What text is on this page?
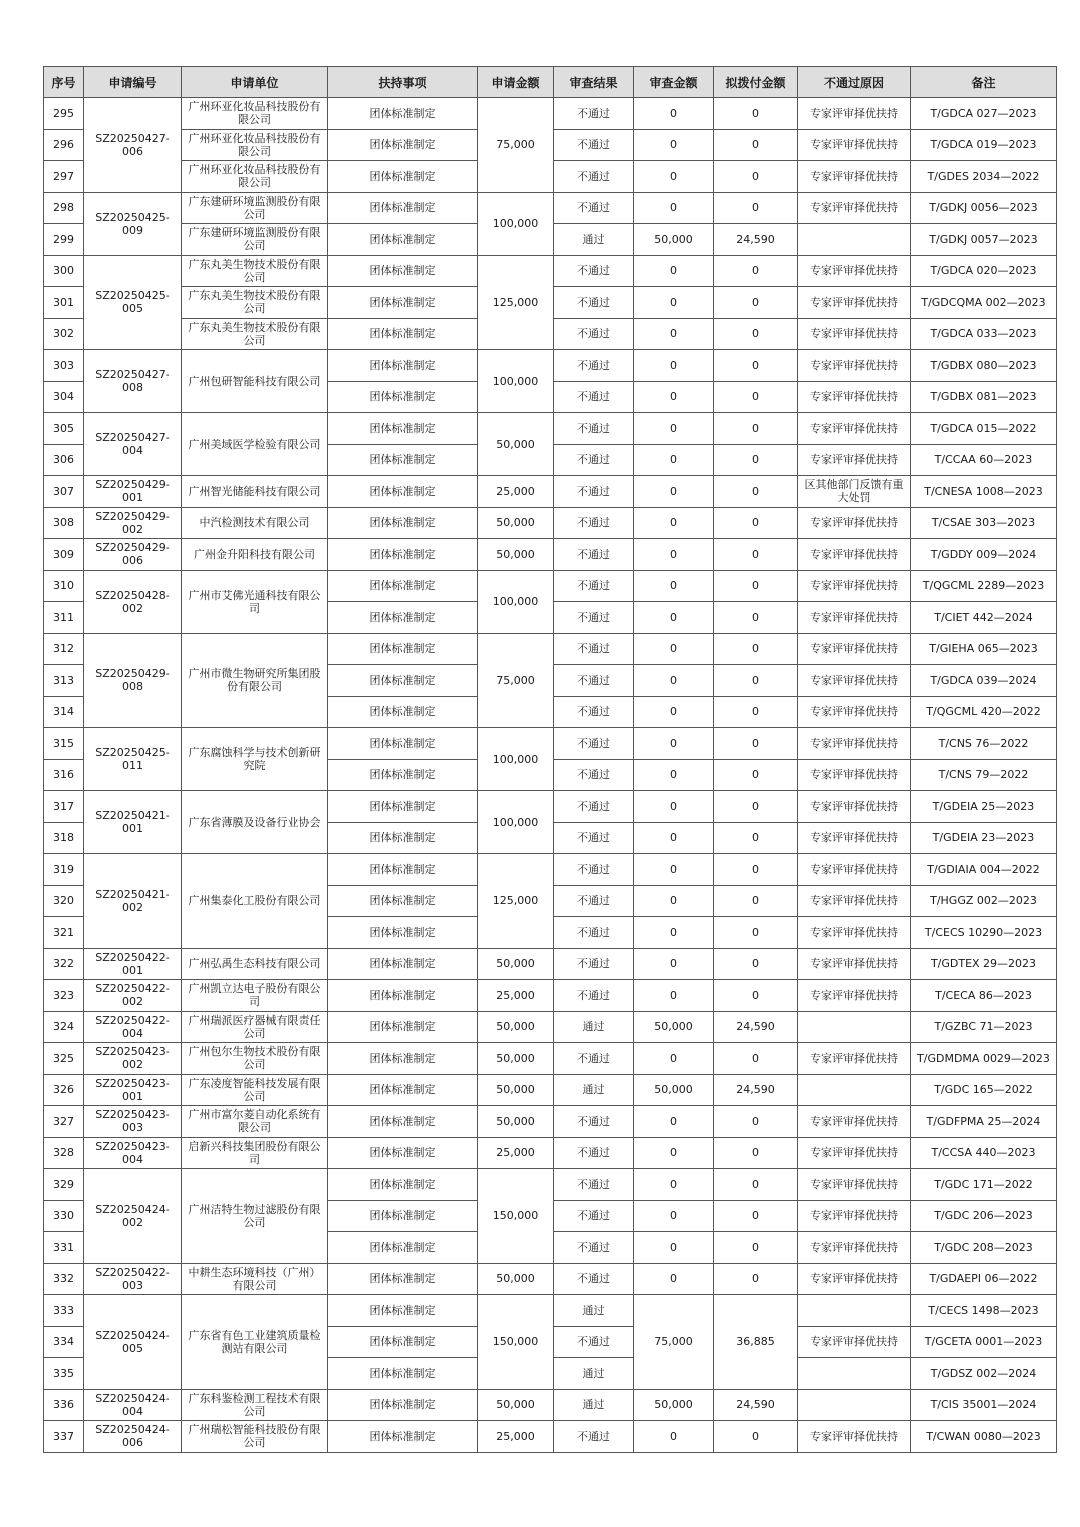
序号	申请编号	申请单位	扶持事项	申请金额	审查结果	审查金额	拟拨付金额	不通过原因	备注
295	SZ20250427-006	广州环亚化妆品科技股份有限公司	团体标准制定	75,000	不通过	0	0	专家评审择优扶持	T/GDCA 027—2023
296		广州环亚化妆品科技股份有限公司	团体标准制定		不通过	0	0	专家评审择优扶持	T/GDCA 019—2023
297		广州环亚化妆品科技股份有限公司	团体标准制定		不通过	0	0	专家评审择优扶持	T/GDES 2034—2022
298	SZ20250425-009	广东建研环境监测股份有限公司	团体标准制定	100,000	不通过	0	0	专家评审择优扶持	T/GDKJ 0056—2023
299		广东建研环境监测股份有限公司	团体标准制定		通过	50,000	24,590		T/GDKJ 0057—2023
300	SZ20250425-005	广东丸美生物技术股份有限公司	团体标准制定	125,000	不通过	0	0	专家评审择优扶持	T/GDCA 020—2023
301		广东丸美生物技术股份有限公司	团体标准制定		不通过	0	0	专家评审择优扶持	T/GDCQMA 002—2023
302		广东丸美生物技术股份有限公司	团体标准制定		不通过	0	0	专家评审择优扶持	T/GDCA 033—2023
303	SZ20250427-008	广州包研智能科技有限公司	团体标准制定	100,000	不通过	0	0	专家评审择优扶持	T/GDBX 080—2023
304			团体标准制定		不通过	0	0	专家评审择优扶持	T/GDBX 081—2023
305	SZ20250427-004	广州美域医学检验有限公司	团体标准制定	50,000	不通过	0	0	专家评审择优扶持	T/GDCA 015—2022
306			团体标准制定		不通过	0	0	专家评审择优扶持	T/CCAA 60—2023
307	SZ20250429-001	广州智光储能科技有限公司	团体标准制定	25,000	不通过	0	0	区其他部门反馈有重大处罚	T/CNESA 1008—2023
308	SZ20250429-002	中汽检测技术有限公司	团体标准制定	50,000	不通过	0	0	专家评审择优扶持	T/CSAE 303—2023
309	SZ20250429-006	广州金升阳科技有限公司	团体标准制定	50,000	不通过	0	0	专家评审择优扶持	T/GDDY 009—2024
310	SZ20250428-002	广州市艾佛光通科技有限公司	团体标准制定	100,000	不通过	0	0	专家评审择优扶持	T/QGCML 2289—2023
311			团体标准制定		不通过	0	0	专家评审择优扶持	T/CIET 442—2024
312	SZ20250429-008	广州市微生物研究所集团股份有限公司	团体标准制定	75,000	不通过	0	0	专家评审择优扶持	T/GIEHA 065—2023
313			团体标准制定		不通过	0	0	专家评审择优扶持	T/GDCA 039—2024
314			团体标准制定		不通过	0	0	专家评审择优扶持	T/QGCML 420—2022
315	SZ20250425-011	广东腐蚀科学与技术创新研究院	团体标准制定	100,000	不通过	0	0	专家评审择优扶持	T/CNS 76—2022
316			团体标准制定		不通过	0	0	专家评审择优扶持	T/CNS 79—2022
317	SZ20250421-001	广东省薄膜及设备行业协会	团体标准制定	100,000	不通过	0	0	专家评审择优扶持	T/GDEIA 25—2023
318			团体标准制定		不通过	0	0	专家评审择优扶持	T/GDEIA 23—2023
319	SZ20250421-002	广州集泰化工股份有限公司	团体标准制定	125,000	不通过	0	0	专家评审择优扶持	T/GDIAIA 004—2022
320			团体标准制定		不通过	0	0	专家评审择优扶持	T/HGGZ 002—2023
321			团体标准制定		不通过	0	0	专家评审择优扶持	T/CECS 10290—2023
322	SZ20250422-001	广州弘禹生态科技有限公司	团体标准制定	50,000	不通过	0	0	专家评审择优扶持	T/GDTEX 29—2023
323	SZ20250422-002	广州凯立达电子股份有限公司	团体标准制定	25,000	不通过	0	0	专家评审择优扶持	T/CECA 86—2023
324	SZ20250422-004	广州瑞派医疗器械有限责任公司	团体标准制定	50,000	通过	50,000	24,590		T/GZBC 71—2023
325	SZ20250423-002	广州包尔生物技术股份有限公司	团体标准制定	50,000	不通过	0	0	专家评审择优扶持	T/GDMDMA 0029—2023
326	SZ20250423-001	广东凌度智能科技发展有限公司	团体标准制定	50,000	通过	50,000	24,590		T/GDC 165—2022
327	SZ20250423-003	广州市富尔菱自动化系统有限公司	团体标准制定	50,000	不通过	0	0	专家评审择优扶持	T/GDFPMA 25—2024
328	SZ20250423-004	启新兴科技集团股份有限公司	团体标准制定	25,000	不通过	0	0	专家评审择优扶持	T/CCSA 440—2023
329	SZ20250424-002	广州洁特生物过滤股份有限公司	团体标准制定	150,000	不通过	0	0	专家评审择优扶持	T/GDC 171—2022
330			团体标准制定		不通过	0	0	专家评审择优扶持	T/GDC 206—2023
331			团体标准制定		不通过	0	0	专家评审择优扶持	T/GDC 208—2023
332	SZ20250422-003	中耕生态环境科技（广州）有限公司	团体标准制定	50,000	不通过	0	0	专家评审择优扶持	T/GDAEPI 06—2022
333	SZ20250424-005	广东省有色工业建筑质量检测站有限公司	团体标准制定	150,000	通过	75,000	36,885		T/CECS 1498—2023
334			团体标准制定		不通过			专家评审择优扶持	T/GCETA 0001—2023
335			团体标准制定		通过				T/GDSZ 002—2024
336	SZ20250424-004	广东科鉴检测工程技术有限公司	团体标准制定	50,000	通过	50,000	24,590		T/CIS 35001—2024
337	SZ20250424-006	广州瑞松智能科技股份有限公司	团体标准制定	25,000	不通过	0	0	专家评审择优扶持	T/CWAN 0080—2023
